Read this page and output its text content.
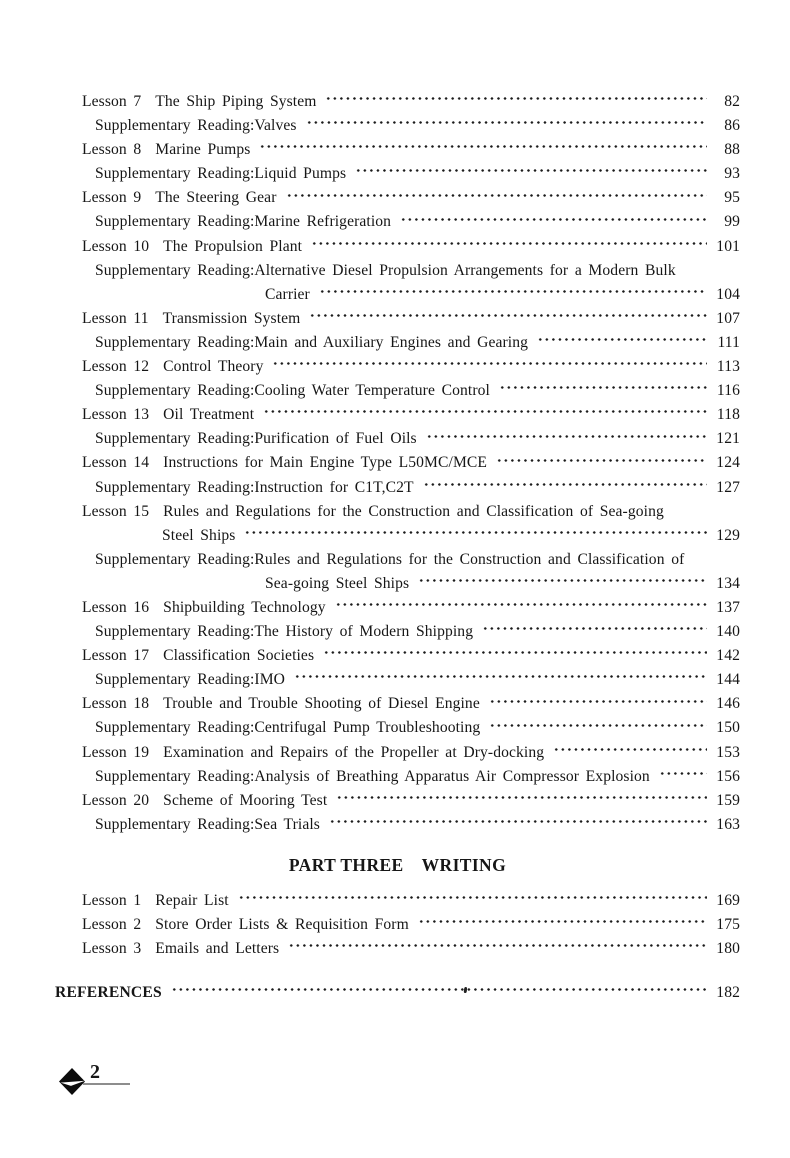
Lesson 7 The Ship Piping System	82
Supplementary Reading: Valves	86
Lesson 8 Marine Pumps	88
Supplementary Reading: Liquid Pumps	93
Lesson 9 The Steering Gear	95
Supplementary Reading: Marine Refrigeration	99
Lesson 10 The Propulsion Plant	101
Supplementary Reading: Alternative Diesel Propulsion Arrangements for a Modern Bulk
Carrier	104
Lesson 11 Transmission System	107
Supplementary Reading: Main and Auxiliary Engines and Gearing	111
Lesson 12 Control Theory	113
Supplementary Reading: Cooling Water Temperature Control	116
Lesson 13 Oil Treatment	118
Supplementary Reading: Purification of Fuel Oils	121
Lesson 14 Instructions for Main Engine Type L50MC/MCE	124
Supplementary Reading: Instruction for C1T,C2T	127
Lesson 15 Rules and Regulations for the Construction and Classification of Sea-going
Steel Ships	129
Supplementary Reading: Rules and Regulations for the Construction and Classification of
Sea-going Steel Ships	134
Lesson 16 Shipbuilding Technology	137
Supplementary Reading: The History of Modern Shipping	140
Lesson 17 Classification Societies	142
Supplementary Reading: IMO	144
Lesson 18 Trouble and Trouble Shooting of Diesel Engine	146
Supplementary Reading: Centrifugal Pump Troubleshooting	150
Lesson 19 Examination and Repairs of the Propeller at Dry-docking	153
Supplementary Reading: Analysis of Breathing Apparatus Air Compressor Explosion	156
Lesson 20 Scheme of Mooring Test	159
Supplementary Reading: Sea Trials	163
PART THREE WRITING
Lesson 1 Repair List	169
Lesson 2 Store Order Lists & Requisition Form	175
Lesson 3 Emails and Letters	180
REFERENCES	182
2
